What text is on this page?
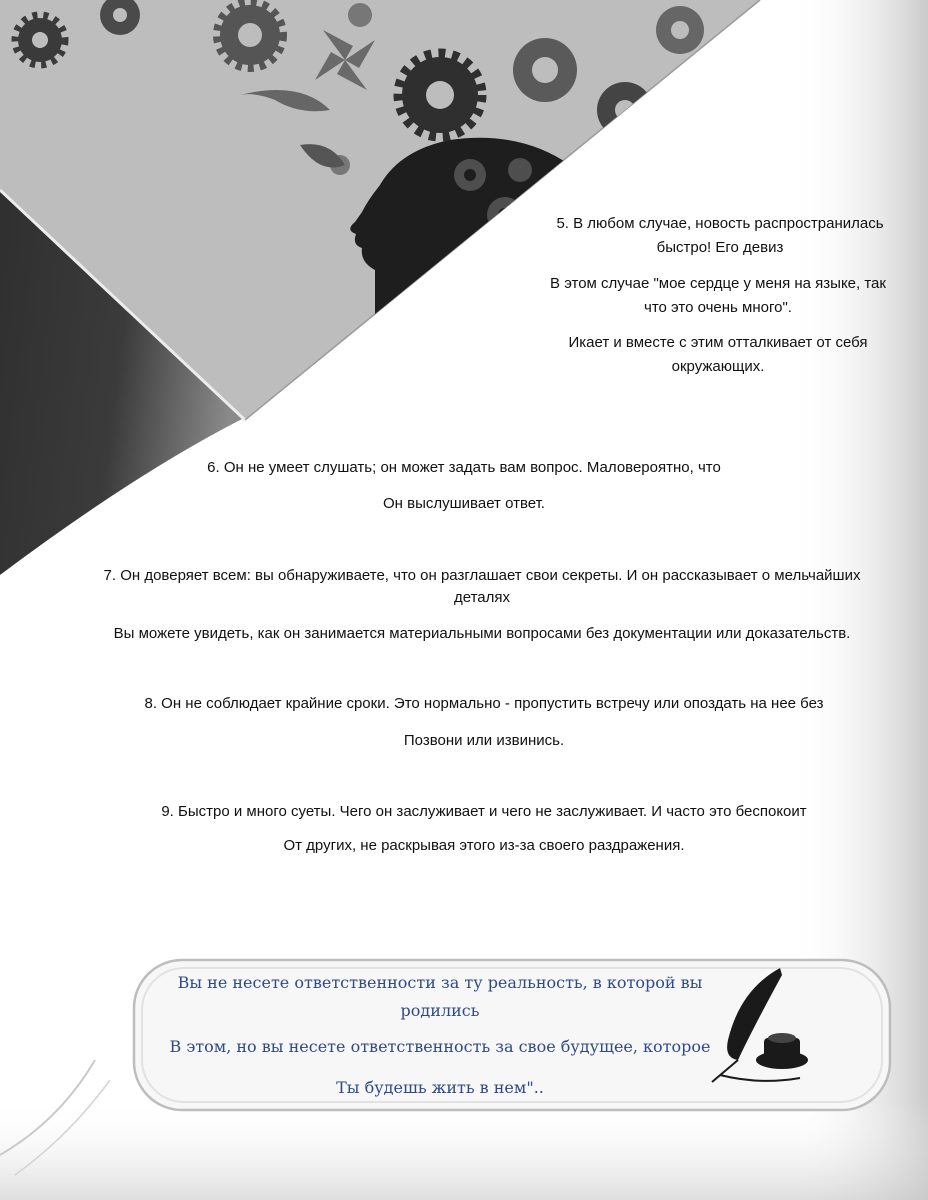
5. В любом случае, новость распространилась

быстро! Его девиз

В этом случае "мое сердце у меня на языке, так

что это очень много".

Икает и вместе с этим отталкивает от себя

окружающих.

6. Он не умеет слушать; он может задать вам вопрос. Маловероятно, что

Он выслушивает ответ.

7. Он доверяет всем: вы обнаруживаете, что он разглашает свои секреты. И он рассказывает о мельчайших

деталях

Вы можете увидеть, как он занимается материальными вопросами без документации или доказательств.

8. Он не соблюдает крайние сроки. Это нормально - пропустить встречу или опоздать на нее без

Позвони или извинись.

9. Быстро и много суеты. Чего он заслуживает и чего не заслуживает. И часто это беспокоит

От других, не раскрывая этого из-за своего раздражения.

Вы не несете ответственности за ту реальность, в которой вы

родились

В этом, но вы несете ответственность за свое будущее, которое

Ты будешь жить в нем"..
